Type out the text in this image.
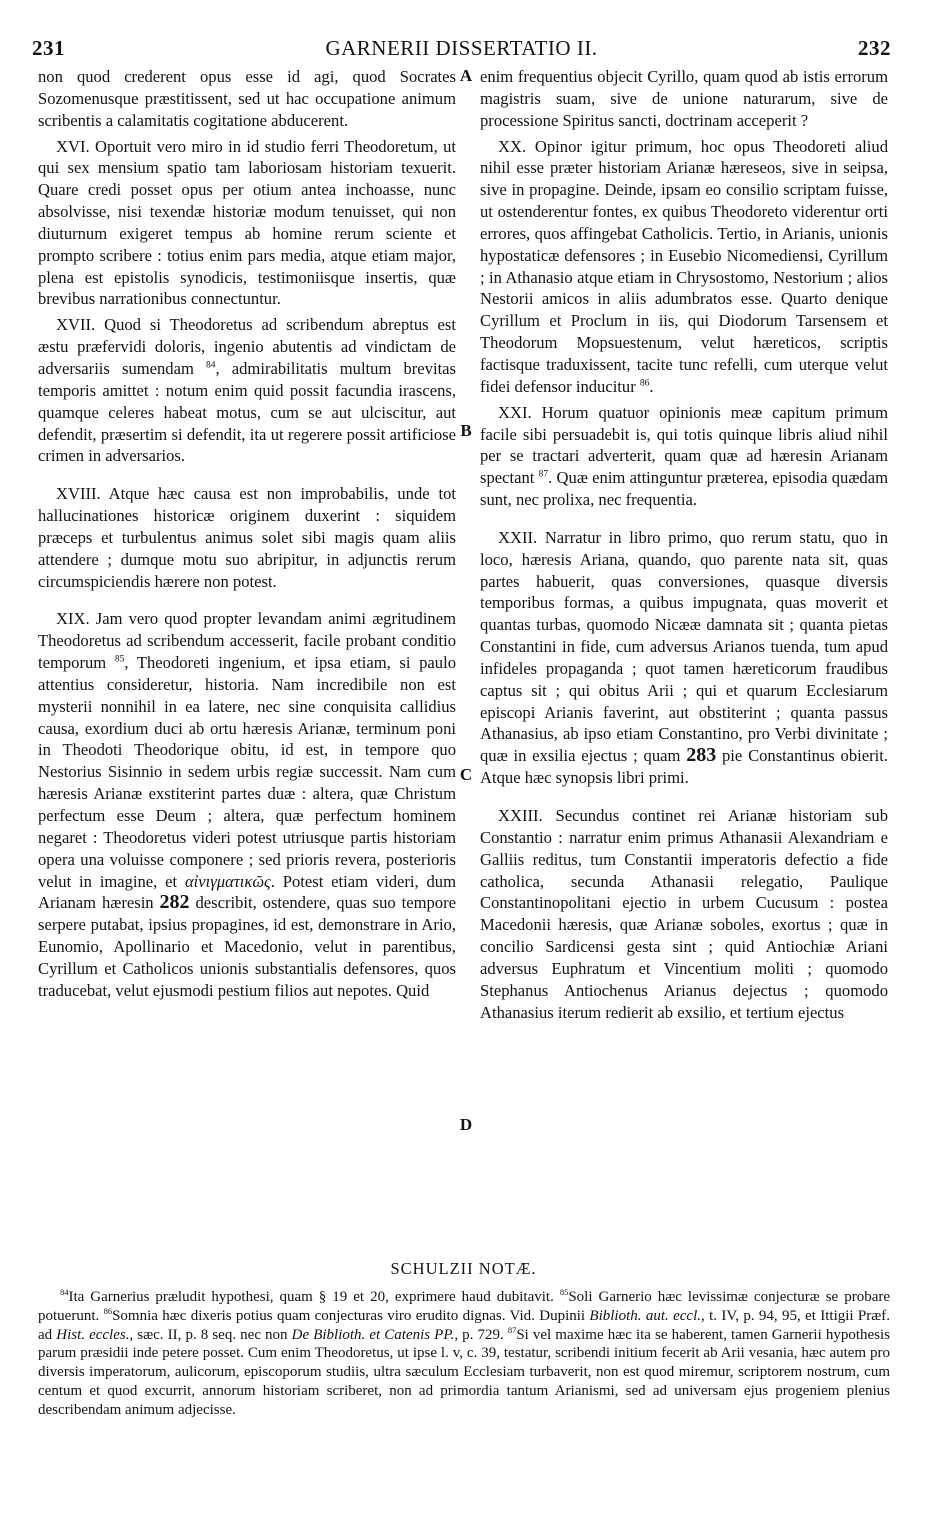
231	GARNERII DISSERTATIO II.	232
A
B
C
D

non quod crederent opus esse id agi, quod Socrates Sozomenusque præstitissent, sed ut hac occupatione animum scribentis a calamitatis cogitatione abducerent.

XVI. Oportuit vero miro in id studio ferri Theodoretum, ut qui sex mensium spatio tam laboriosam historiam texuerit. Quare credi posset opus per otium antea inchoasse, nunc absolvisse, nisi texendæ historiæ modum tenuisset, qui non diuturnum exigeret tempus ab homine rerum sciente et prompto scribere : totius enim pars media, atque etiam major, plena est epistolis synodicis, testimoniisque insertis, quæ brevibus narrationibus connectuntur.

XVII. Quod si Theodoretus ad scribendum abreptus est æstu præfervidi doloris, ingenio abutentis ad vindictam de adversariis sumendam $^{84}$, admirabilitatis multum brevitas temporis amittet : notum enim quid possit facundia irascens, quamque celeres habeat motus, cum se aut ulciscitur, aut defendit, præsertim si defendit, ita ut regerere possit artificiose crimen in adversarios.

XVIII. Atque hæc causa est non improbabilis, unde tot hallucinationes historicæ originem duxerint : siquidem præceps et turbulentus animus solet sibi magis quam aliis attendere ; dumque motu suo abripitur, in adjunctis rerum circumspiciendis hærere non potest.

XIX. Jam vero quod propter levandam animi ægritudinem Theodoretus ad scribendum accesserit, facile probant conditio temporum $^{85}$, Theodoreti ingenium, et ipsa etiam, si paulo attentius consideretur, historia. Nam incredibile non est mysterii nonnihil in ea latere, nec sine conquisita callidius causa, exordium duci ab ortu hæresis Arianæ, terminum poni in Theodoti Theodorique obitu, id est, in tempore quo Nestorius Sisinnio in sedem urbis regiæ successit. Nam cum hæresis Arianæ exstiterint partes duæ : altera, quæ Christum perfectum esse Deum ; altera, quæ perfectum hominem negaret : Theodoretus videri potest utriusque partis historiam opera una voluisse componere ; sed prioris revera, posterioris velut in imagine, et αἰνιγματικῶς. Potest etiam videri, dum Arianam hæresin 282 describit, ostendere, quas suo tempore serpere putabat, ipsius propagines, id est, demonstrare in Ario, Eunomio, Apollinario et Macedonio, velut in parentibus, Cyrillum et Catholicos unionis substantialis defensores, quos traducebat, velut ejusmodi pestium filios aut nepotes. Quid

enim frequentius objecit Cyrillo, quam quod ab istis errorum magistris suam, sive de unione naturarum, sive de processione Spiritus sancti, doctrinam acceperit ?

XX. Opinor igitur primum, hoc opus Theodoreti aliud nihil esse præter historiam Arianæ hæreseos, sive in seipsa, sive in propagine. Deinde, ipsam eo consilio scriptam fuisse, ut ostenderentur fontes, ex quibus Theodoreto viderentur orti errores, quos affingebat Catholicis. Tertio, in Arianis, unionis hypostaticæ defensores ; in Eusebio Nicomediensi, Cyrillum ; in Athanasio atque etiam in Chrysostomo, Nestorium ; alios Nestorii amicos in aliis adumbratos esse. Quarto denique Cyrillum et Proclum in iis, qui Diodorum Tarsensem et Theodorum Mopsuestenum, velut hæreticos, scriptis factisque traduxissent, tacite tunc refelli, cum uterque velut fidei defensor inducitur $^{86}$.

XXI. Horum quatuor opinionis meæ capitum primum facile sibi persuadebit is, qui totis quinque libris aliud nihil per se tractari adverterit, quam quæ ad hæresin Arianam spectant $^{87}$. Quæ enim attinguntur præterea, episodia quædam sunt, nec prolixa, nec frequentia.

XXII. Narratur in libro primo, quo rerum statu, quo in loco, hæresis Ariana, quando, quo parente nata sit, quas partes habuerit, quas conversiones, quasque diversis temporibus formas, a quibus impugnata, quas moverit et quantas turbas, quomodo Nicææ damnata sit ; quanta pietas Constantini in fide, cum adversus Arianos tuenda, tum apud infideles propaganda ; quot tamen hæreticorum fraudibus captus sit ; qui obitus Arii ; qui et quarum Ecclesiarum episcopi Arianis faverint, aut obstiterint ; quanta passus Athanasius, ab ipso etiam Constantino, pro Verbi divinitate ; quæ in exsilia ejectus ; quam 283 pie Constantinus obierit. Atque hæc synopsis libri primi.

XXIII. Secundus continet rei Arianæ historiam sub Constantio : narratur enim primus Athanasii Alexandriam e Galliis reditus, tum Constantii imperatoris defectio a fide catholica, secunda Athanasii relegatio, Paulique Constantinopolitani ejectio in urbem Cucusum : postea Macedonii hæresis, quæ Arianæ soboles, exortus ; quæ in concilio Sardicensi gesta sint ; quid Antiochiæ Ariani adversus Euphratum et Vincentium moliti ; quomodo Stephanus Antiochenus Arianus dejectus ; quomodo Athanasius iterum redierit ab exsilio, et tertium ejectus

SCHULZII NOTÆ.

$^{84}$Ita Garnerius præludit hypothesi, quam § 19 et 20, exprimere haud dubitavit. $^{85}$Soli Garnerio hæc levissimæ conjecturæ se probare potuerunt. $^{86}$Somnia hæc dixeris potius quam conjecturas viro erudito dignas. Vid. Dupinii Biblioth. aut. eccl., t. IV, p. 94, 95, et Ittigii Præf. ad Hist. eccles., sæc. II, p. 8 seq. nec non De Biblioth. et Catenis PP., p. 729. $^{87}$Si vel maxime hæc ita se haberent, tamen Garnerii hypothesis parum præsidii inde petere posset. Cum enim Theodoretus, ut ipse l. v, c. 39, testatur, scribendi initium fecerit ab Arii vesania, hæc autem pro diversis imperatorum, aulicorum, episcoporum studiis, ultra sæculum Ecclesiam turbaverit, non est quod miremur, scriptorem nostrum, cum centum et quod excurrit, annorum historiam scriberet, non ad primordia tantum Arianismi, sed ad universam ejus progeniem plenius describendam animum adjecisse.
